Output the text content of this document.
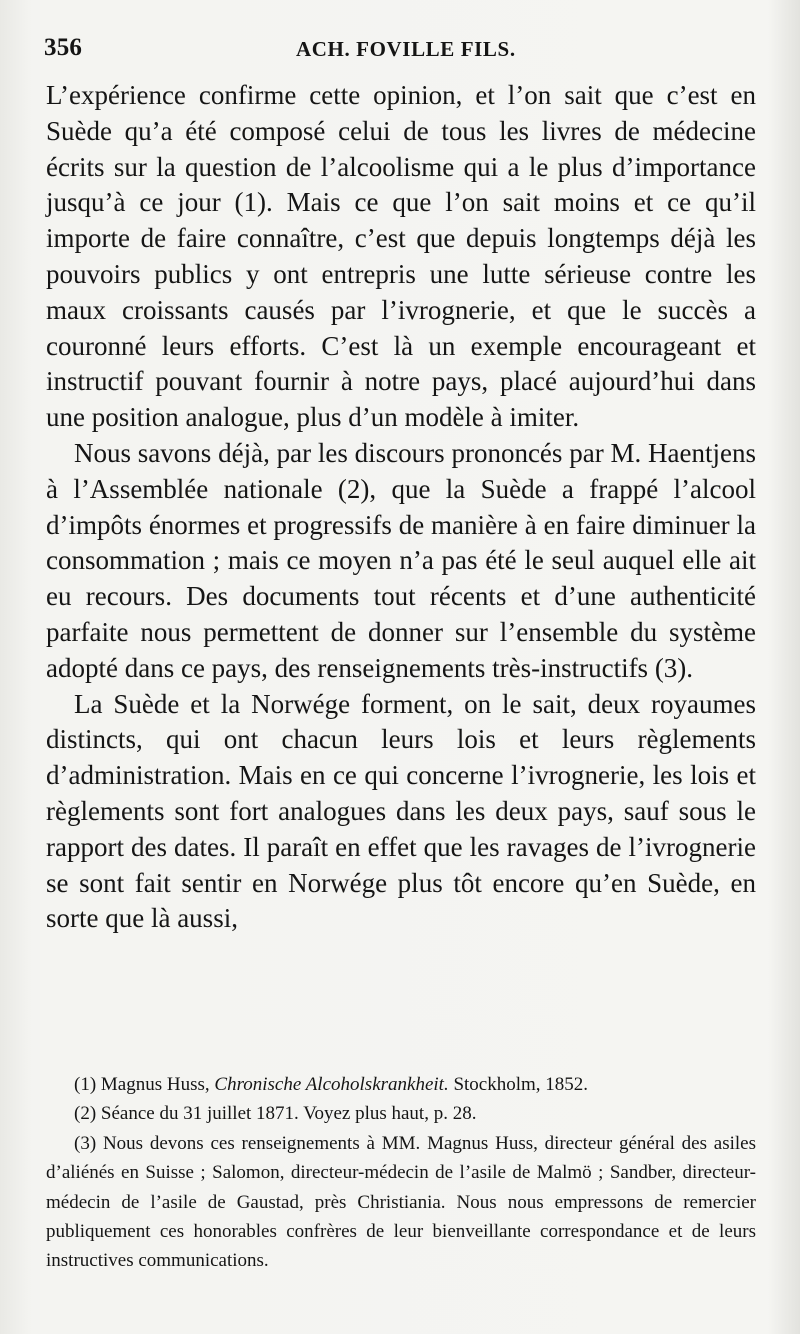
356	ACH. FOVILLE FILS.

L’expérience confirme cette opinion, et l’on sait que c’est en Suède qu’a été composé celui de tous les livres de médecine écrits sur la question de l’alcoolisme qui a le plus d’importance jusqu’à ce jour (1). Mais ce que l’on sait moins et ce qu’il importe de faire connaître, c’est que depuis longtemps déjà les pouvoirs publics y ont entrepris une lutte sérieuse contre les maux croissants causés par l’ivrognerie, et que le succès a couronné leurs efforts. C’est là un exemple encourageant et instructif pouvant fournir à notre pays, placé aujourd’hui dans une position analogue, plus d’un modèle à imiter.

Nous savons déjà, par les discours prononcés par M. Haentjens à l’Assemblée nationale (2), que la Suède a frappé l’alcool d’impôts énormes et progressifs de manière à en faire diminuer la consommation ; mais ce moyen n’a pas été le seul auquel elle ait eu recours. Des documents tout récents et d’une authenticité parfaite nous permettent de donner sur l’ensemble du système adopté dans ce pays, des renseignements très-instructifs (3).

La Suède et la Norwége forment, on le sait, deux royaumes distincts, qui ont chacun leurs lois et leurs règlements d’administration. Mais en ce qui concerne l’ivrognerie, les lois et règlements sont fort analogues dans les deux pays, sauf sous le rapport des dates. Il paraît en effet que les ravages de l’ivrognerie se sont fait sentir en Norwége plus tôt encore qu’en Suède, en sorte que là aussi,

(1) Magnus Huss, Chronische Alcoholskrankheit. Stockholm, 1852.

(2) Séance du 31 juillet 1871. Voyez plus haut, p. 28.

(3) Nous devons ces renseignements à MM. Magnus Huss, directeur général des asiles d’aliénés en Suisse ; Salomon, directeur-médecin de l’asile de Malmö ; Sandber, directeur-médecin de l’asile de Gaustad, près Christiania. Nous nous empressons de remercier publiquement ces honorables confrères de leur bienveillante correspondance et de leurs instructives communications.
